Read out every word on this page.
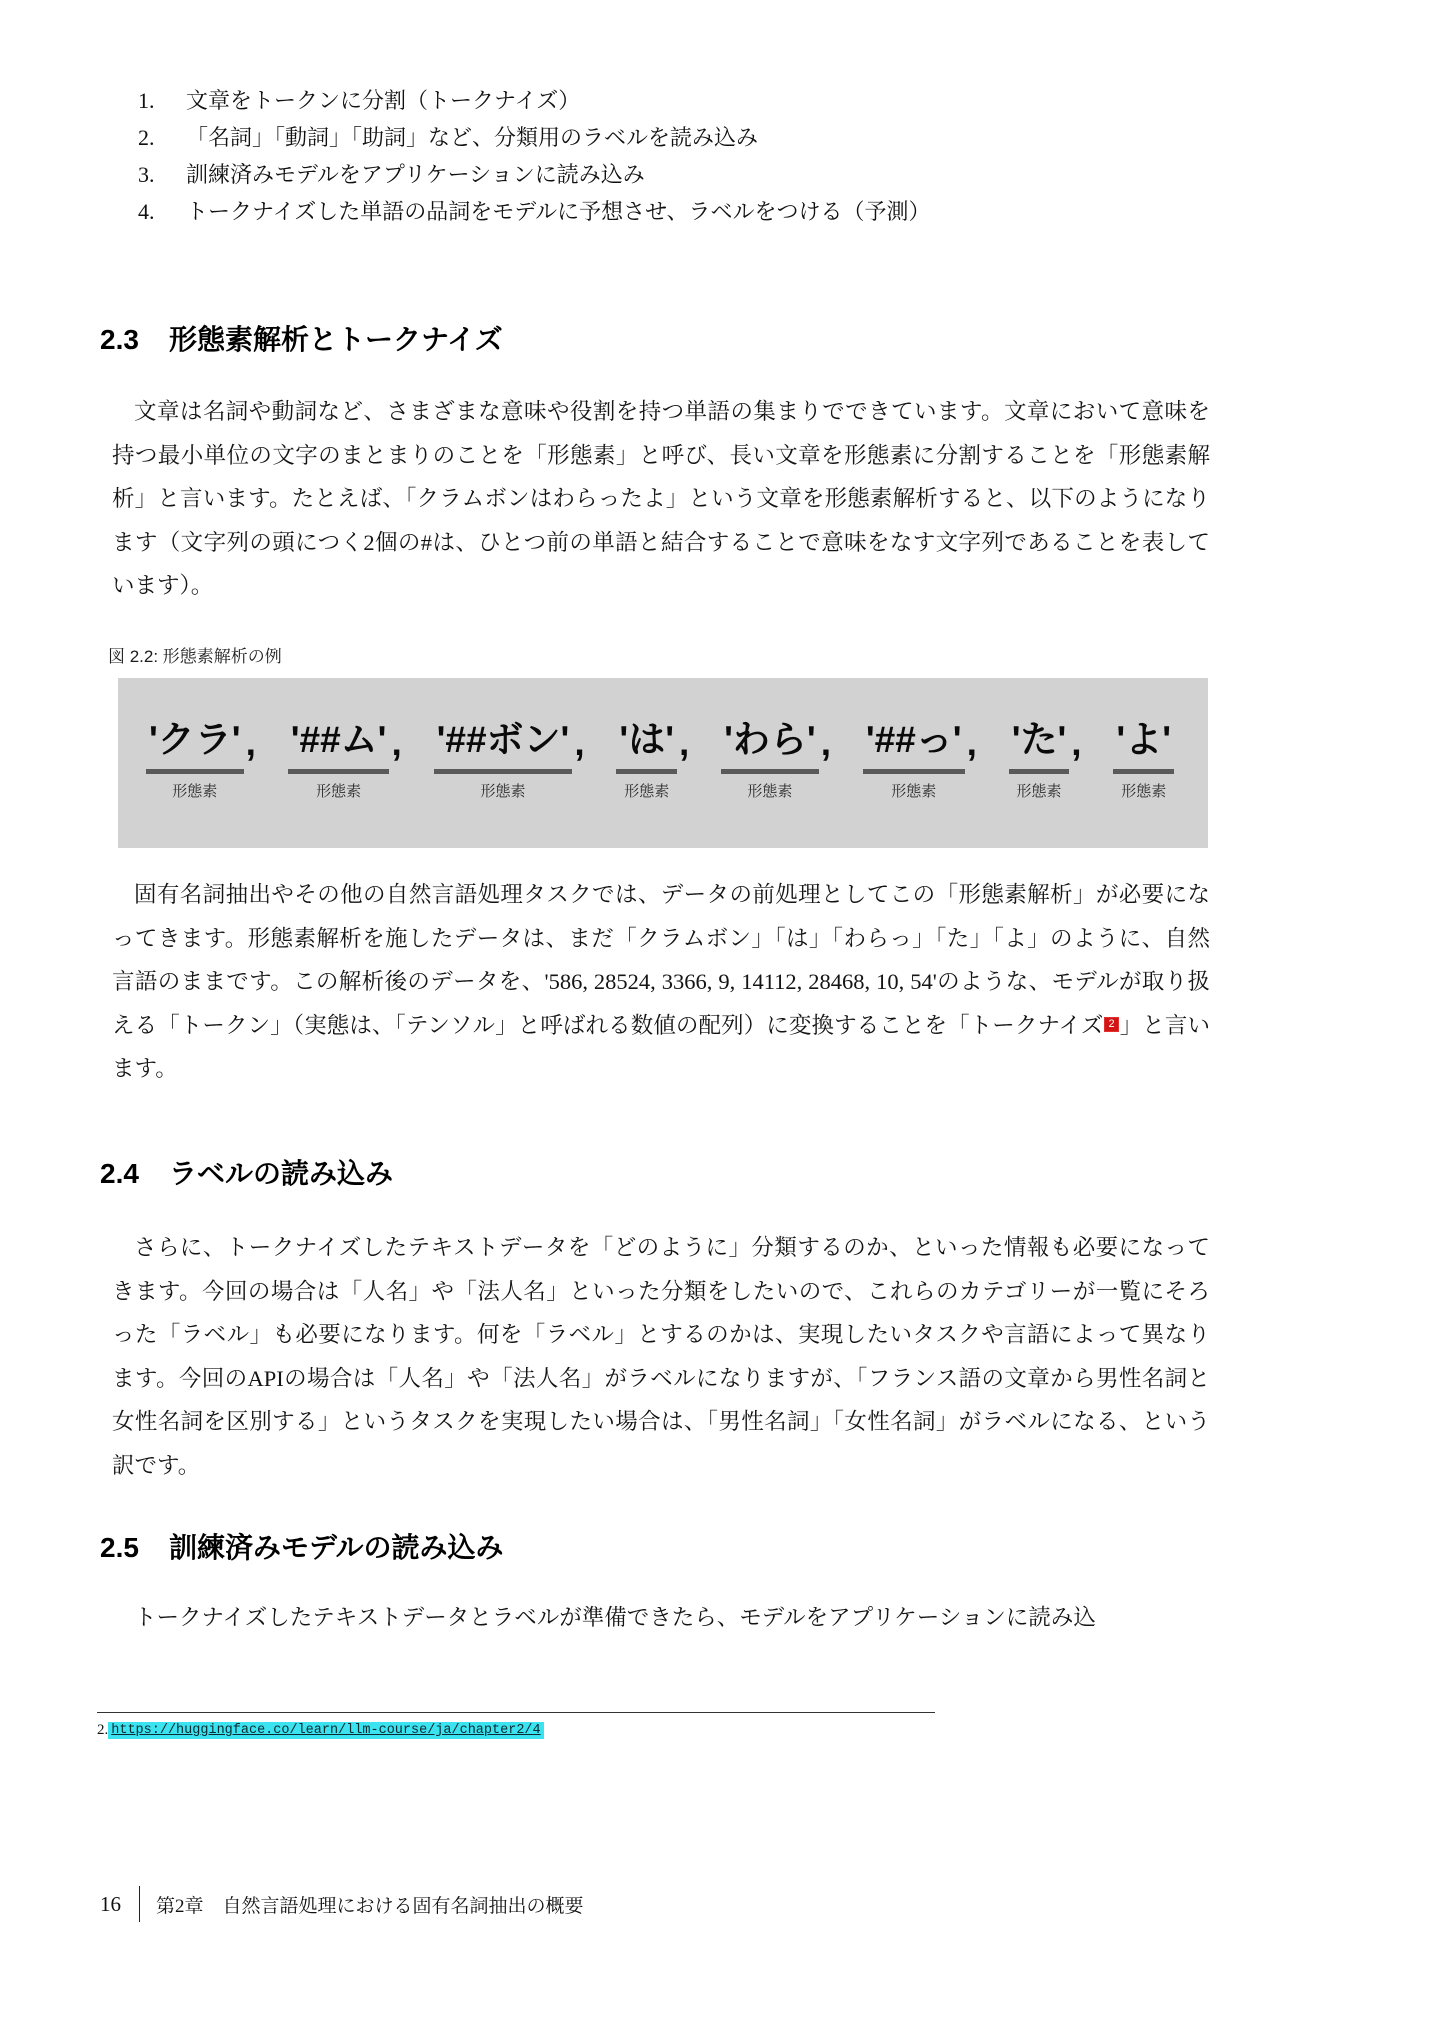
1.	文章をトークンに分割（トークナイズ）
2.	「名詞」「動詞」「助詞」など、分類用のラベルを読み込み
3.	訓練済みモデルをアプリケーションに読み込み
4.	トークナイズした単語の品詞をモデルに予想させ、ラベルをつける（予測）
2.3 形態素解析とトークナイズ

文章は名詞や動詞など、さまざまな意味や役割を持つ単語の集まりでできています。文章において意味を持つ最小単位の文字のまとまりのことを「形態素」と呼び、長い文章を形態素に分割することを「形態素解析」と言います。たとえば、「クラムボンはわらったよ」という文章を形態素解析すると、以下のようになります（文字列の頭につく2個の#は、ひとつ前の単語と結合することで意味をなす文字列であることを表しています）。

図 2.2: 形態素解析の例
'クラ'
形態素
, '##ム'
形態素
, '##ボン'
形態素
, 'は'
形態素
, 'わら'
形態素
, '##っ'
形態素
, 'た'
形態素
, 'よ'
形態素

固有名詞抽出やその他の自然言語処理タスクでは、データの前処理としてこの「形態素解析」が必要になってきます。形態素解析を施したデータは、まだ「クラムボン」「は」「わらっ」「た」「よ」のように、自然言語のままです。この解析後のデータを、'586, 28524, 3366, 9, 14112, 28468, 10, 54'のような、モデルが取り扱える「トークン」（実態は、「テンソル」と呼ばれる数値の配列）に変換することを「トークナイズ $^2$ 」と言います。

2.4 ラベルの読み込み

さらに、トークナイズしたテキストデータを「どのように」分類するのか、といった情報も必要になってきます。今回の場合は「人名」や「法人名」といった分類をしたいので、これらのカテゴリーが一覧にそろった「ラベル」も必要になります。何を「ラベル」とするのかは、実現したいタスクや言語によって異なります。今回のAPIの場合は「人名」や「法人名」がラベルになりますが、「フランス語の文章から男性名詞と女性名詞を区別する」というタスクを実現したい場合は、「男性名詞」「女性名詞」がラベルになる、という訳です。

2.5 訓練済みモデルの読み込み

トークナイズしたテキストデータとラベルが準備できたら、モデルをアプリケーションに読み込

2. https://huggingface.co/learn/llm-course/ja/chapter2/4
16 第2章　自然言語処理における固有名詞抽出の概要
